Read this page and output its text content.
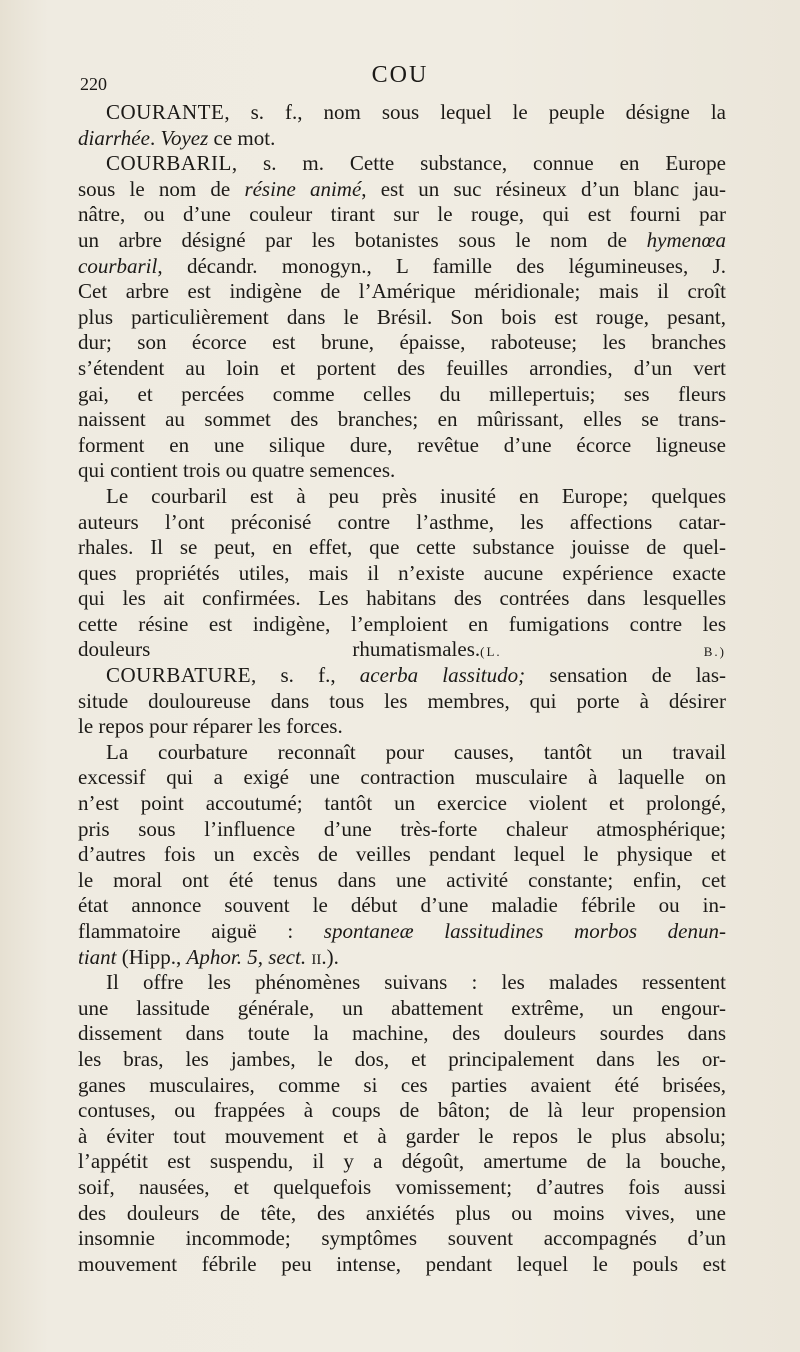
220	COU
COURANTE, s. f., nom sous lequel le peuple désigne la
diarrhée. Voyez ce mot.
COURBARIL, s. m. Cette substance, connue en Europe
sous le nom de résine animé, est un suc résineux d’un blanc jau-
nâtre, ou d’une couleur tirant sur le rouge, qui est fourni par
un arbre désigné par les botanistes sous le nom de hymenœa
courbaril, décandr. monogyn., L famille des légumineuses, J.
Cet arbre est indigène de l’Amérique méridionale; mais il croît
plus particulièrement dans le Brésil. Son bois est rouge, pesant,
dur; son écorce est brune, épaisse, raboteuse; les branches
s’étendent au loin et portent des feuilles arrondies, d’un vert
gai, et percées comme celles du millepertuis; ses fleurs
naissent au sommet des branches; en mûrissant, elles se trans-
forment en une silique dure, revêtue d’une écorce ligneuse
qui contient trois ou quatre semences.
Le courbaril est à peu près inusité en Europe; quelques
auteurs l’ont préconisé contre l’asthme, les affections catar-
rhales. Il se peut, en effet, que cette substance jouisse de quel-
ques propriétés utiles, mais il n’existe aucune expérience exacte
qui les ait confirmées. Les habitans des contrées dans lesquelles
cette résine est indigène, l’emploient en fumigations contre les
douleurs rhumatismales.(L. B.)
COURBATURE, s. f., acerba lassitudo; sensation de las-
situde douloureuse dans tous les membres, qui porte à désirer
le repos pour réparer les forces.
La courbature reconnaît pour causes, tantôt un travail
excessif qui a exigé une contraction musculaire à laquelle on
n’est point accoutumé; tantôt un exercice violent et prolongé,
pris sous l’influence d’une très-forte chaleur atmosphérique;
d’autres fois un excès de veilles pendant lequel le physique et
le moral ont été tenus dans une activité constante; enfin, cet
état annonce souvent le début d’une maladie fébrile ou in-
flammatoire aiguë : spontaneæ lassitudines morbos denun-
tiant (Hipp., Aphor. 5, sect. II.).
Il offre les phénomènes suivans : les malades ressentent
une lassitude générale, un abattement extrême, un engour-
dissement dans toute la machine, des douleurs sourdes dans
les bras, les jambes, le dos, et principalement dans les or-
ganes musculaires, comme si ces parties avaient été brisées,
contuses, ou frappées à coups de bâton; de là leur propension
à éviter tout mouvement et à garder le repos le plus absolu;
l’appétit est suspendu, il y a dégoût, amertume de la bouche,
soif, nausées, et quelquefois vomissement; d’autres fois aussi
des douleurs de tête, des anxiétés plus ou moins vives, une
insomnie incommode; symptômes souvent accompagnés d’un
mouvement fébrile peu intense, pendant lequel le pouls est
